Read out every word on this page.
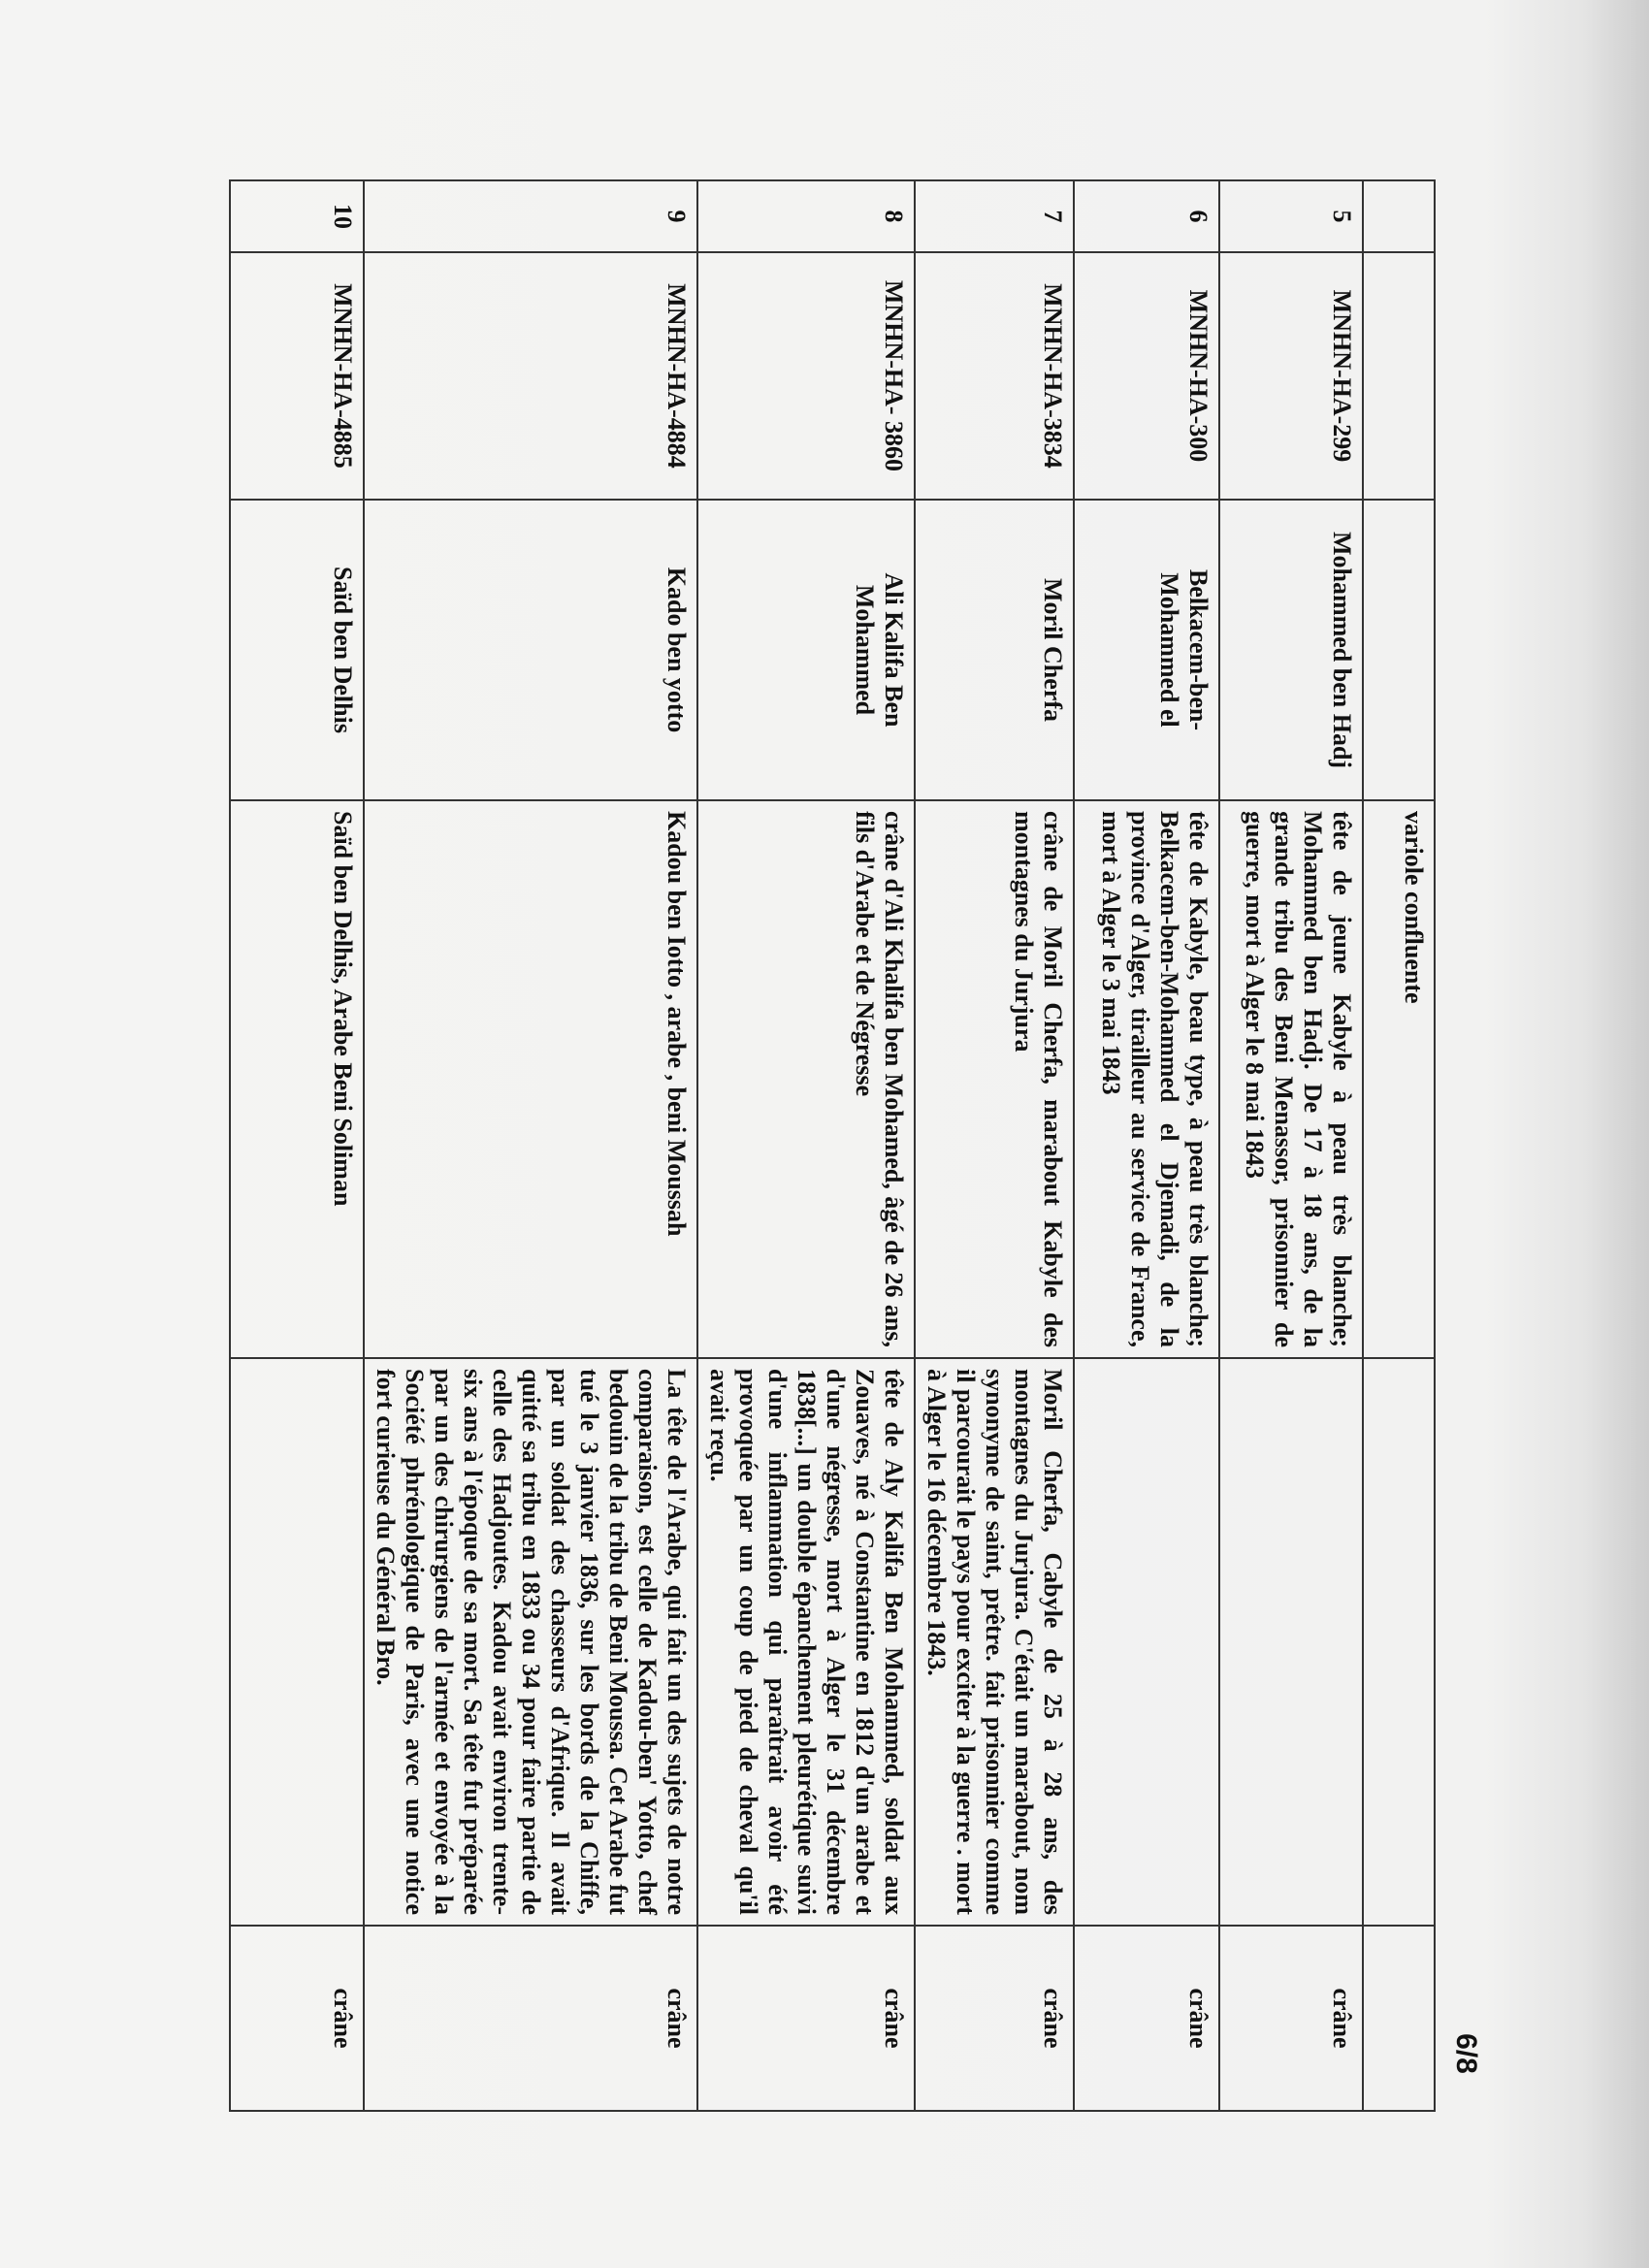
			variole confluente		
5	MNHN-HA-299	Mohammed ben Hadj	tête de jeune Kabyle à peau très blanche; Mohammed ben Hadj. De 17 à 18 ans, de la grande tribu des Beni Menassor, prisonnier de guerre, mort à Alger le 8 mai 1843		crâne
6	MNHN-HA-300	Belkacem-ben-Mohammed el	tête de Kabyle, beau type, à peau très blanche; Belkacem-ben-Mohammed el Djemadi, de la province d'Alger, tirailleur au service de France, mort à Alger le 3 mai 1843		crâne
7	MNHN-HA-3834	Moril Cherfa	crâne de Moril Cherfa, marabout Kabyle des montagnes du Jurjura	Moril Cherfa, Cabyle de 25 à 28 ans, des montagnes du Jurjura. C'était un marabout, nom synonyme de saint, prêtre. fait prisonnier comme il parcourait le pays pour exciter à la guerre . mort à Alger le 16 décembre 1843.	crâne
8	MNHN-HA- 3860	Ali Kalifa Ben Mohammed	crâne d'Ali Khalifa ben Mohamed, âgé de 26 ans, fils d'Arabe et de Négresse	tête de Aly Kalifa Ben Mohammed, soldat aux Zouaves, né à Constantine en 1812 d'un arabe et d'une négresse, mort à Alger le 31 décembre 1838[...] un double épanchement pleurétique suivi d'une inflammation qui paraîtrait avoir été provoquée par un coup de pied de cheval qu'il avait reçu.	crâne
9	MNHN-HA-4884	Kado ben yotto	Kadou ben Iotto , arabe , beni Moussah	La tête de l'Arabe, qui fait un des sujets de notre comparaison, est celle de Kadou-ben' Yotto, chef bedouin de la tribu de Beni Moussa. Cet Arabe fut tué le 3 janvier 1836, sur les bords de la Chiffe, par un soldat des chasseurs d'Afrique. Il avait quitté sa tribu en 1833 ou 34 pour faire partie de celle des Hadjoutes. Kadou avait environ trente-six ans à l'époque de sa mort. Sa tête fut préparée par un des chirurgiens de l'armée et envoyée à la Société phrénologique de Paris, avec une notice fort curieuse du Général Bro.	crâne
10	MNHN-HA-4885	Saïd ben Delhis	Saïd ben Delhis, Arabe Beni Soliman		crâne
6/8
